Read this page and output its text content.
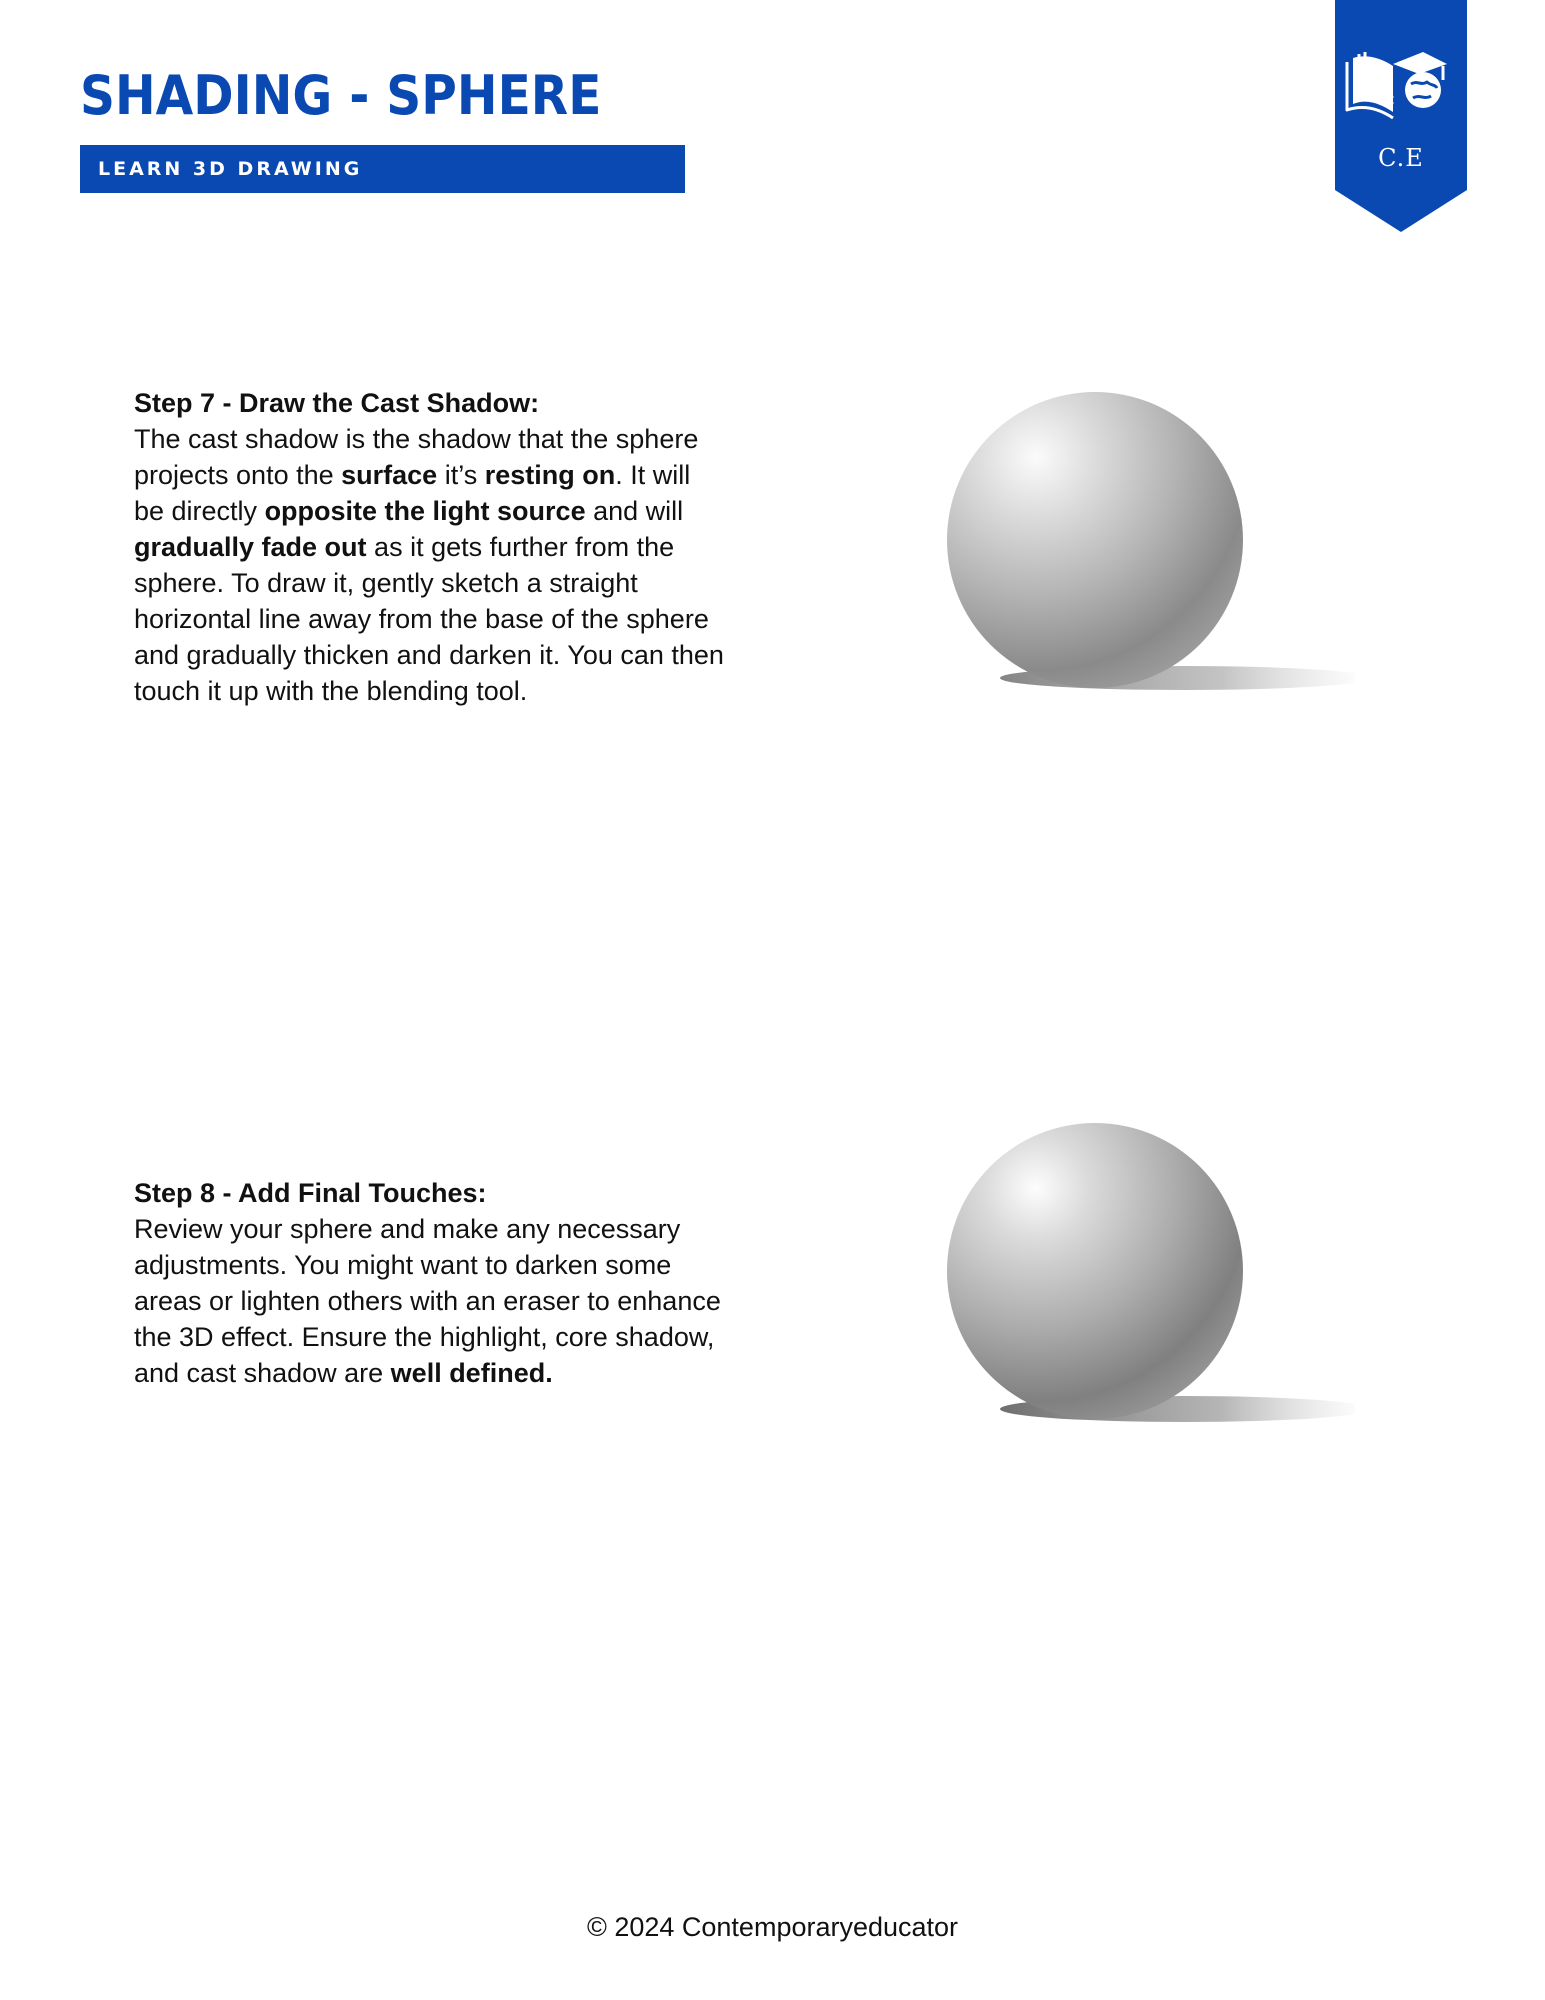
SHADING - SPHERE
LEARN 3D DRAWING	C.E

Step 7 - Draw the Cast Shadow:

The cast shadow is the shadow that the sphere projects onto the surface it’s resting on. It will be directly opposite the light source and will gradually fade out as it gets further from the sphere. To draw it, gently sketch a straight horizontal line away from the base of the sphere and gradually thicken and darken it. You can then touch it up with the blending tool.

Step 8 - Add Final Touches:

Review your sphere and make any necessary adjustments. You might want to darken some areas or lighten others with an eraser to enhance the 3D effect. Ensure the highlight, core shadow, and cast shadow are well defined.

© 2024 Contemporaryeducator
